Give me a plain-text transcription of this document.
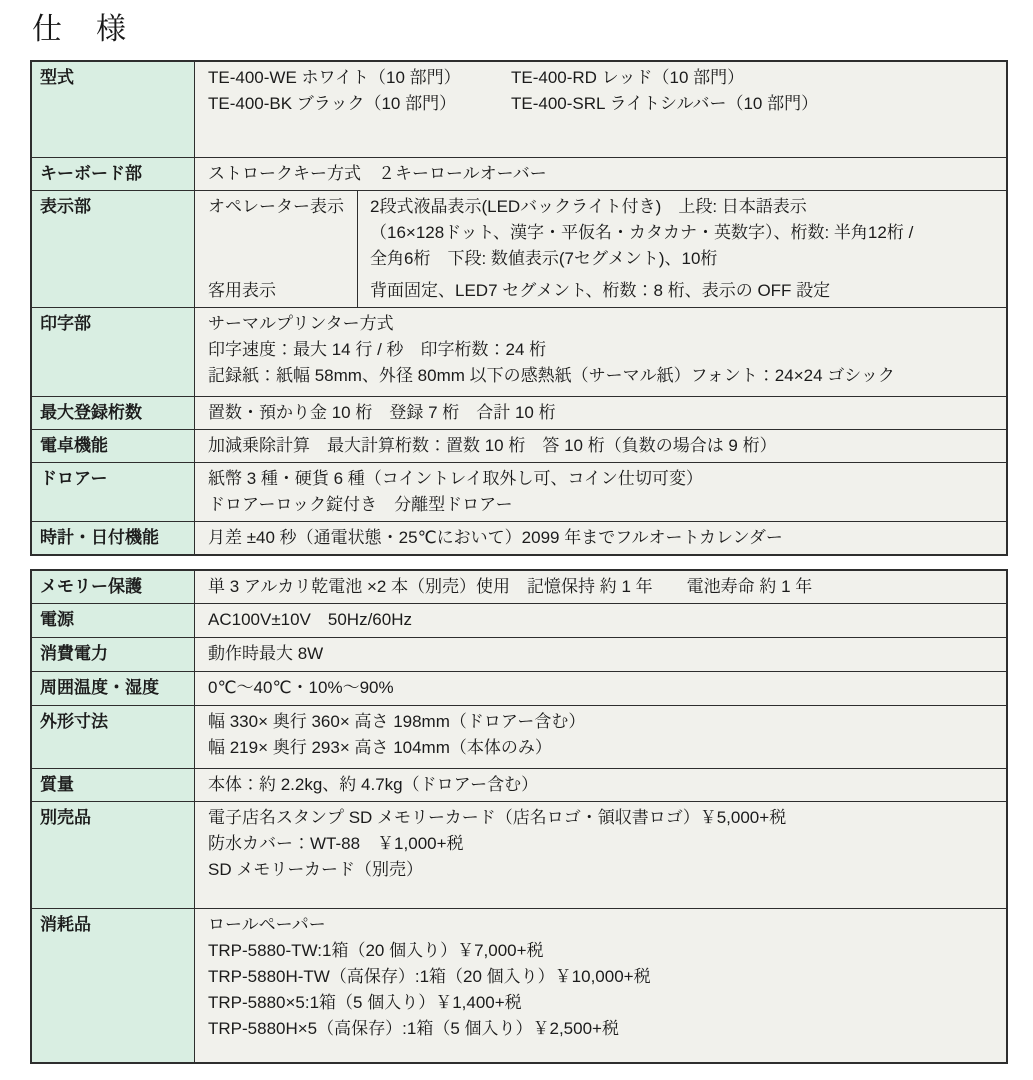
仕　様
型式	TE-400-WE ホワイト（10 部門）	TE-400-RD レッド（10 部門）
TE-400-BK ブラック（10 部門）	TE-400-SRL ライトシルバー（10 部門）
キーボード部	ストロークキー方式　２キーロールオーバー
表示部	オペレーター表示	2段式液晶表示(LEDバックライト付き)　上段: 日本語表示
（16×128ドット、漢字・平仮名・カタカナ・英数字）、桁数: 半角12桁 /
全角6桁　下段: 数値表示(7セグメント)、10桁
客用表示	背面固定、LED7 セグメント、桁数：8 桁、表示の OFF 設定
印字部	サーマルプリンター方式
印字速度：最大 14 行 / 秒　印字桁数：24 桁
記録紙：紙幅 58mm、外径 80mm 以下の感熱紙（サーマル紙）フォント：24×24 ゴシック
最大登録桁数	置数・預かり金 10 桁　登録 7 桁　合計 10 桁
電卓機能	加減乗除計算　最大計算桁数：置数 10 桁　答 10 桁（負数の場合は 9 桁）
ドロアー	紙幣 3 種・硬貨 6 種（コイントレイ取外し可、コイン仕切可変）
ドロアーロック錠付き　分離型ドロアー
時計・日付機能	月差 ±40 秒（通電状態・25℃において）2099 年までフルオートカレンダー
メモリー保護	単 3 アルカリ乾電池 ×2 本（別売）使用　記憶保持 約 1 年　　電池寿命 約 1 年
電源	AC100V±10V　50Hz/60Hz
消費電力	動作時最大 8W
周囲温度・湿度	0℃～40℃・10%～90%
外形寸法	幅 330× 奥行 360× 高さ 198mm（ドロアー含む）
幅 219× 奥行 293× 高さ 104mm（本体のみ）
質量	本体：約 2.2kg、約 4.7kg（ドロアー含む）
別売品	電子店名スタンプ SD メモリーカード（店名ロゴ・領収書ロゴ）￥5,000+税
防水カバー：WT-88　￥1,000+税
SD メモリーカード（別売）
消耗品	ロールペーパー
TRP-5880-TW:1箱（20 個入り）￥7,000+税
TRP-5880H-TW（高保存）:1箱（20 個入り）￥10,000+税
TRP-5880×5:1箱（5 個入り）￥1,400+税
TRP-5880H×5（高保存）:1箱（5 個入り）￥2,500+税
